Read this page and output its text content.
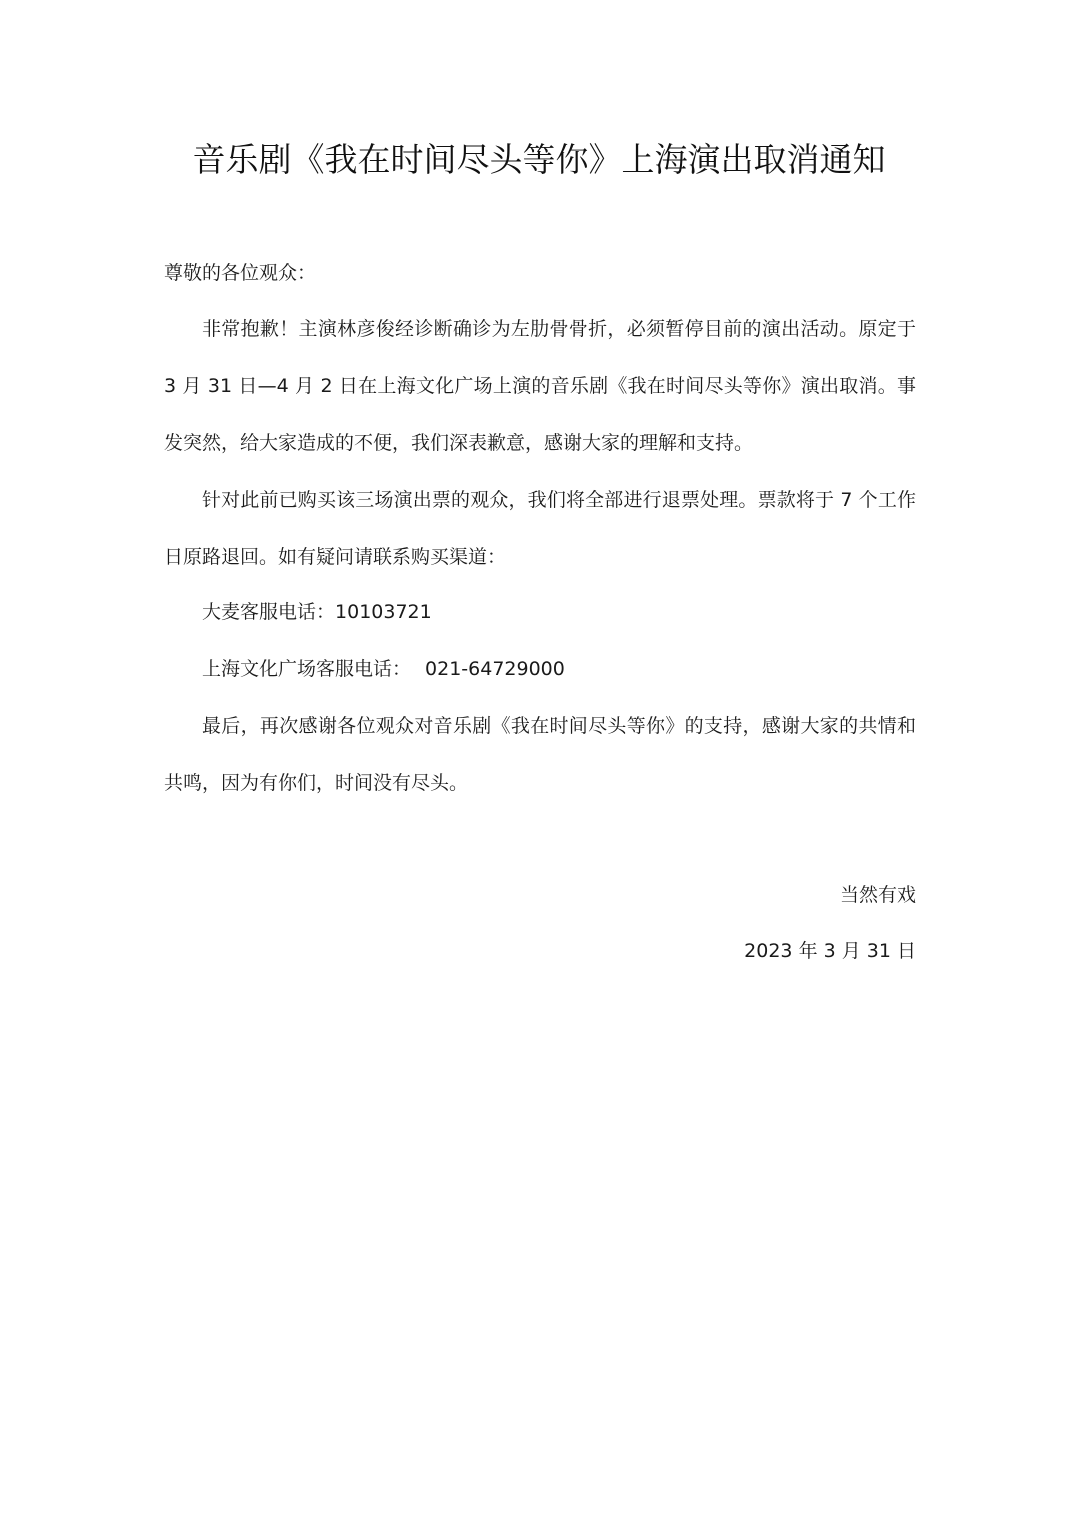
音乐剧《我在时间尽头等你》上海演出取消通知
尊敬的各位观众：

非常抱歉！主演林彦俊经诊断确诊为左肋骨骨折，必须暂停目前的演出活动。原定于 3 月 31 日—4 月 2 日在上海文化广场上演的音乐剧《我在时间尽头等你》演出取消。事发突然，给大家造成的不便，我们深表歉意，感谢大家的理解和支持。

针对此前已购买该三场演出票的观众，我们将全部进行退票处理。票款将于 7 个工作日原路退回。如有疑问请联系购买渠道：

大麦客服电话：10103721
上海文化广场客服电话： 021-64729000

最后，再次感谢各位观众对音乐剧《我在时间尽头等你》的支持，感谢大家的共情和共鸣，因为有你们，时间没有尽头。

当然有戏
2023 年 3 月 31 日
